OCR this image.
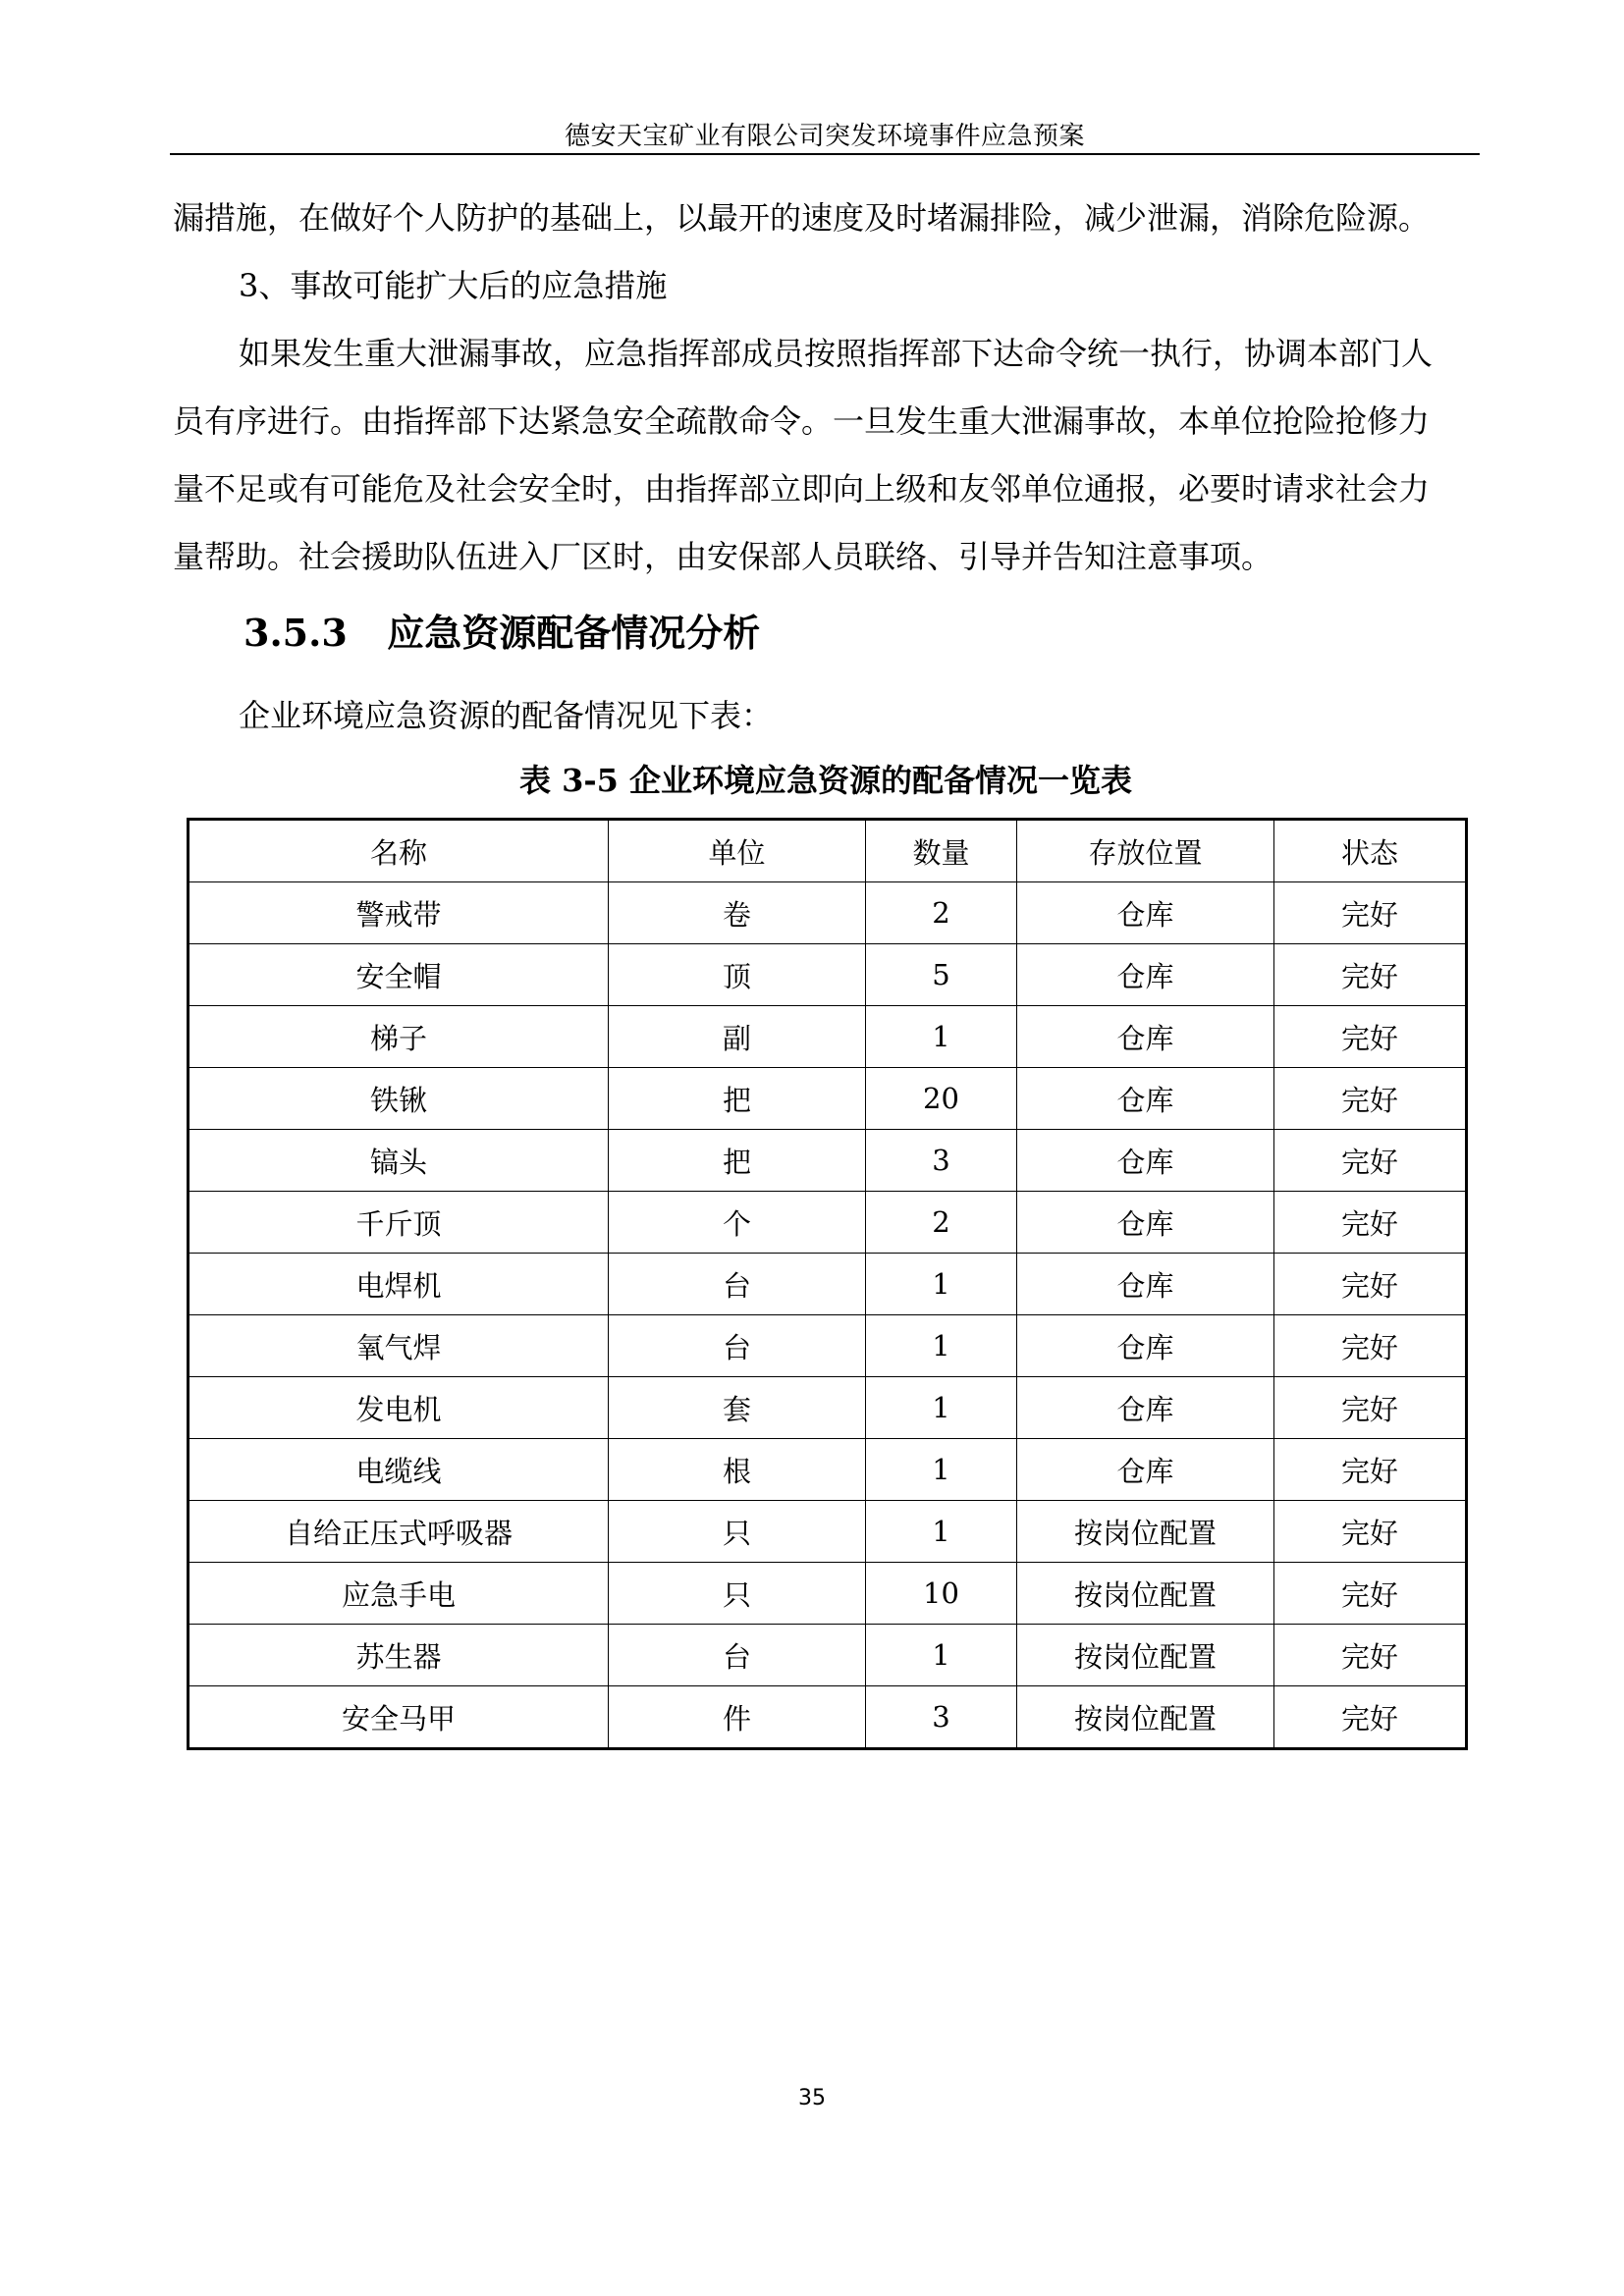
德安天宝矿业有限公司突发环境事件应急预案
漏措施，在做好个人防护的基础上，以最开的速度及时堵漏排险，减少泄漏，消除危险源。
3、事故可能扩大后的应急措施
如果发生重大泄漏事故，应急指挥部成员按照指挥部下达命令统一执行，协调本部门人
员有序进行。由指挥部下达紧急安全疏散命令。一旦发生重大泄漏事故，本单位抢险抢修力
量不足或有可能危及社会安全时，由指挥部立即向上级和友邻单位通报，必要时请求社会力
量帮助。社会援助队伍进入厂区时，由安保部人员联络、引导并告知注意事项。
3.5.3 应急资源配备情况分析
企业环境应急资源的配备情况见下表：
表 3-5 企业环境应急资源的配备情况一览表
名称	单位	数量	存放位置	状态
警戒带	卷	2	仓库	完好
安全帽	顶	5	仓库	完好
梯子	副	1	仓库	完好
铁锹	把	20	仓库	完好
镐头	把	3	仓库	完好
千斤顶	个	2	仓库	完好
电焊机	台	1	仓库	完好
氧气焊	台	1	仓库	完好
发电机	套	1	仓库	完好
电缆线	根	1	仓库	完好
自给正压式呼吸器	只	1	按岗位配置	完好
应急手电	只	10	按岗位配置	完好
苏生器	台	1	按岗位配置	完好
安全马甲	件	3	按岗位配置	完好
35
